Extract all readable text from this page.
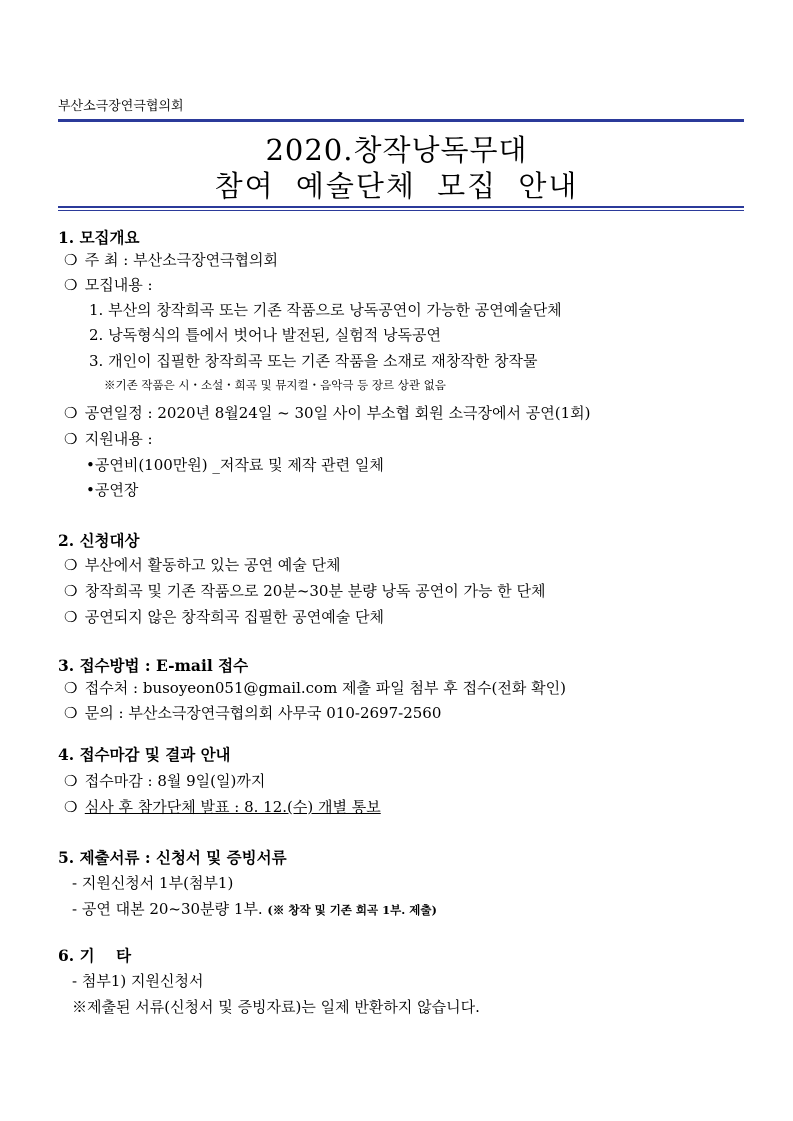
부산소극장연극협의회
2020.창작낭독무대
참여 예술단체 모집 안내
1. 모집개요
❍ 주 최 : 부산소극장연극협의회
❍ 모집내용 :
1. 부산의 창작희곡 또는 기존 작품으로 낭독공연이 가능한 공연예술단체
2. 낭독형식의 틀에서 벗어나 발전된, 실험적 낭독공연
3. 개인이 집필한 창작희곡 또는 기존 작품을 소재로 재창작한 창작물
※기존 작품은 시・소설・희곡 및 뮤지컬・음악극 등 장르 상관 없음
❍ 공연일정 : 2020년 8월24일 ~ 30일 사이 부소협 회원 소극장에서 공연(1회)
❍ 지원내용 :
•공연비(100만원) _저작료 및 제작 관련 일체
•공연장
2. 신청대상
❍ 부산에서 활동하고 있는 공연 예술 단체
❍ 창작희곡 및 기존 작품으로 20분~30분 분량 낭독 공연이 가능 한 단체
❍ 공연되지 않은 창작희곡 집필한 공연예술 단체
3. 접수방법 : E-mail 접수
❍ 접수처 : busoyeon051@gmail.com 제출 파일 첨부 후 접수(전화 확인)
❍ 문의 : 부산소극장연극협의회 사무국 010-2697-2560
4. 접수마감 및 결과 안내
❍ 접수마감 : 8월 9일(일)까지
❍ 심사 후 참가단체 발표 : 8. 12.(수) 개별 통보
5. 제출서류 : 신청서 및 증빙서류
- 지원신청서 1부(첨부1)
- 공연 대본 20~30분량 1부. (※ 창작 및 기존 희곡 1부. 제출)
6. 기    타
- 첨부1) 지원신청서
※제출된 서류(신청서 및 증빙자료)는 일제 반환하지 않습니다.
